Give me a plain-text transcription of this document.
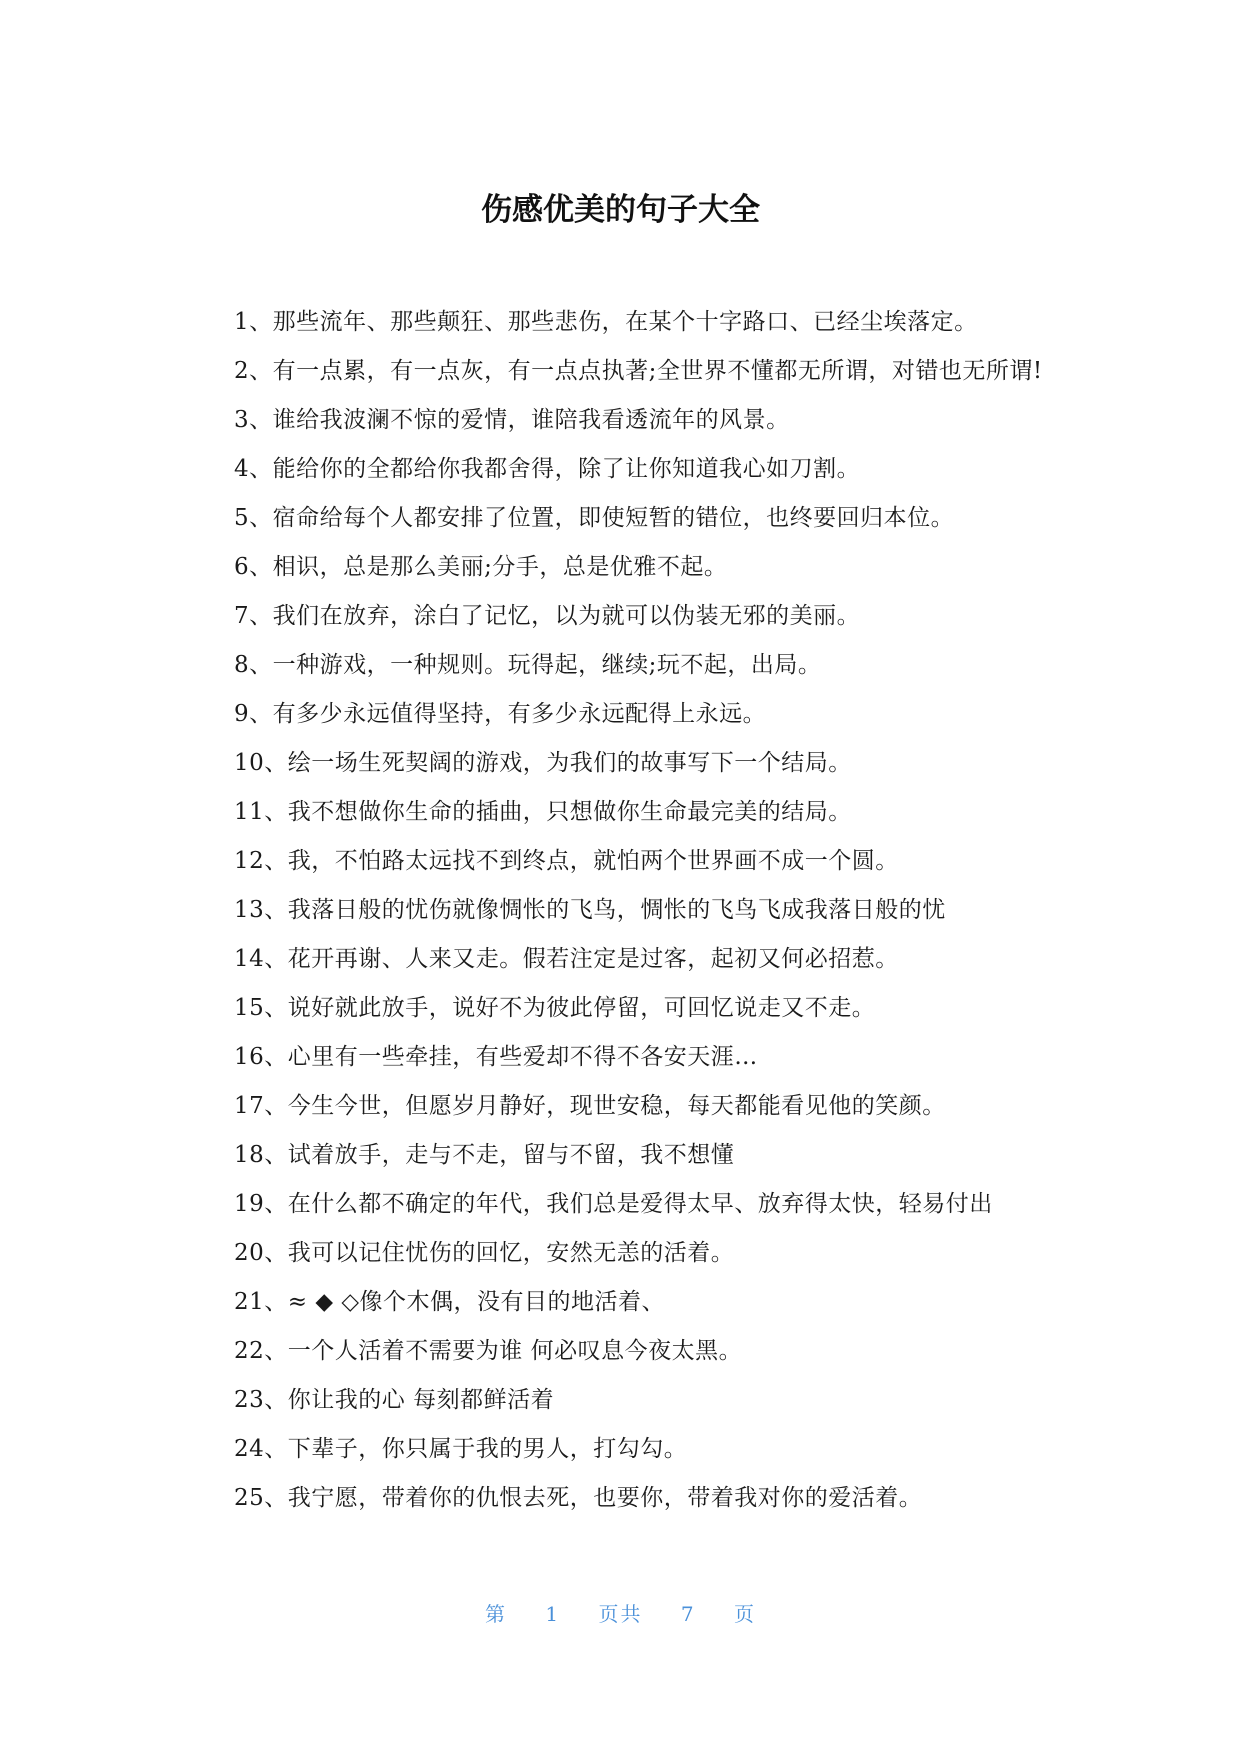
伤感优美的句子大全

1、那些流年、那些颠狂、那些悲伤，在某个十字路口、已经尘埃落定。

2、有一点累，有一点灰，有一点点执著;全世界不懂都无所谓，对错也无所谓!

3、谁给我波澜不惊的爱情，谁陪我看透流年的风景。

4、能给你的全都给你我都舍得，除了让你知道我心如刀割。

5、宿命给每个人都安排了位置，即使短暂的错位，也终要回归本位。

6、相识，总是那么美丽;分手，总是优雅不起。

7、我们在放弃，涂白了记忆，以为就可以伪装无邪的美丽。

8、一种游戏，一种规则。玩得起，继续;玩不起，出局。

9、有多少永远值得坚持，有多少永远配得上永远。

10、绘一场生死契阔的游戏，为我们的故事写下一个结局。

11、我不想做你生命的插曲，只想做你生命最完美的结局。

12、我，不怕路太远找不到终点，就怕两个世界画不成一个圆。

13、我落日般的忧伤就像惆怅的飞鸟，惆怅的飞鸟飞成我落日般的忧

14、花开再谢、人来又走。假若注定是过客，起初又何必招惹。

15、说好就此放手，说好不为彼此停留，可回忆说走又不走。

16、心里有一些牵挂，有些爱却不得不各安天涯…

17、今生今世，但愿岁月静好，现世安稳，每天都能看见他的笑颜。

18、试着放手，走与不走，留与不留，我不想懂

19、在什么都不确定的年代，我们总是爱得太早、放弃得太快，轻易付出

20、我可以记住忧伤的回忆，安然无恙的活着。

21、≈ ◆ ◇像个木偶，没有目的地活着、

22、一个人活着不需要为谁 何必叹息今夜太黑。

23、你让我的心 每刻都鲜活着

24、下辈子，你只属于我的男人，打勾勾。

25、我宁愿，带着你的仇恨去死，也要你，带着我对你的爱活着。

第 1 页共 7 页
